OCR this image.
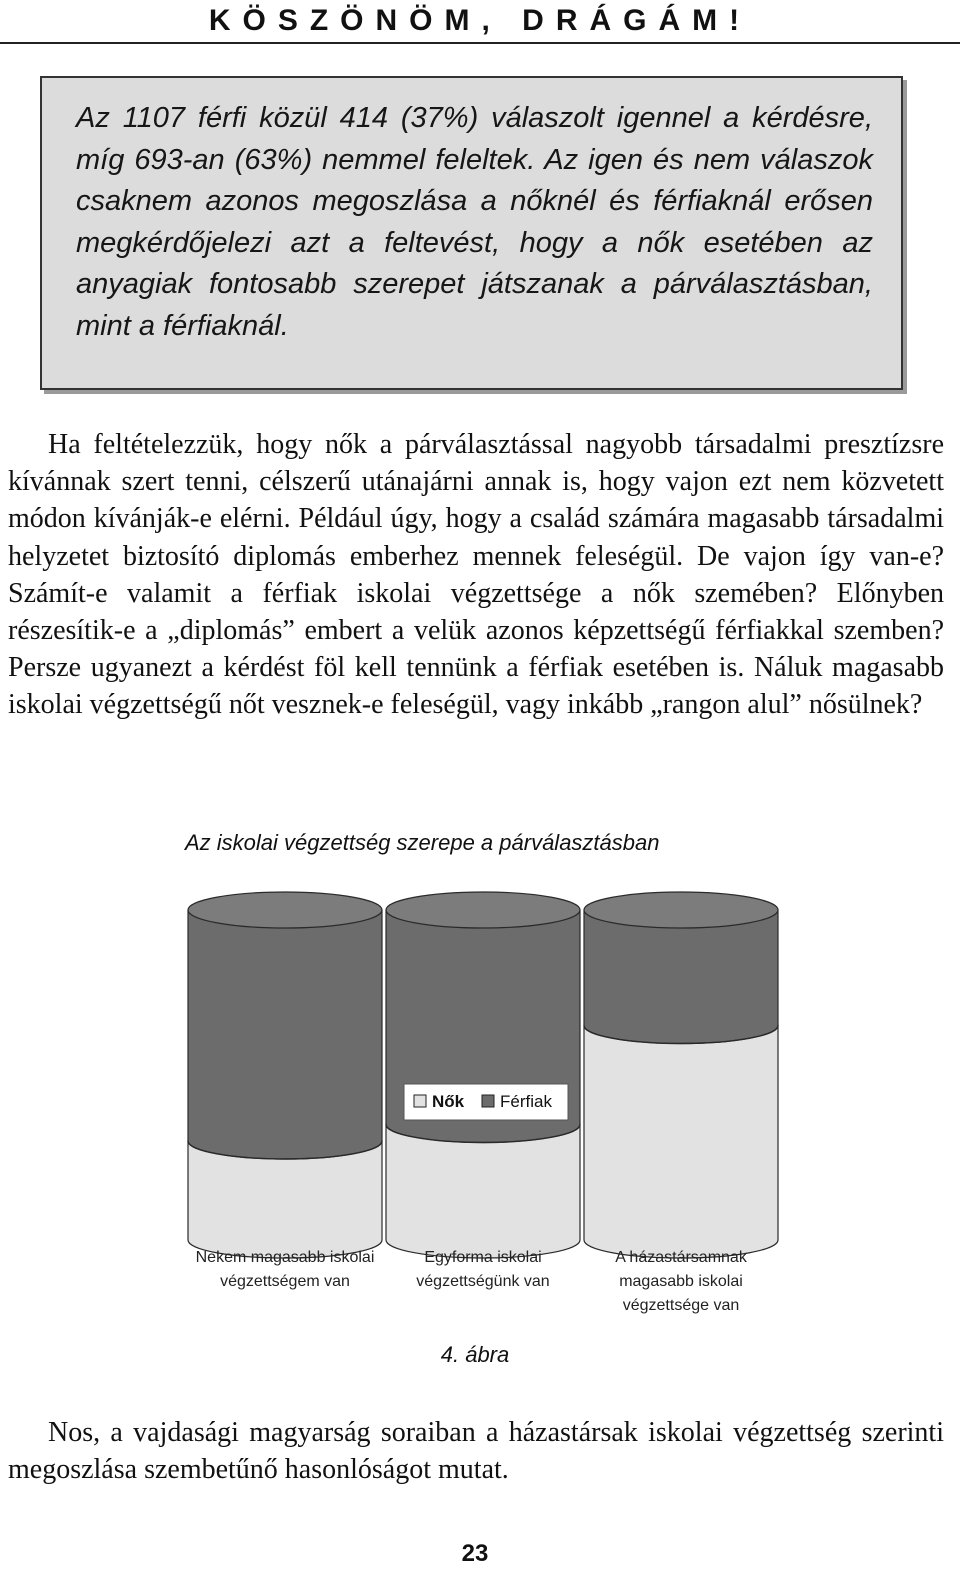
KÖSZÖNÖM, DRÁGÁM!

Az 1107 férfi közül 414 (37%) válaszolt igennel a kérdésre, míg 693-an (63%) nemmel feleltek. Az igen és nem válaszok csaknem azonos megoszlása a nőknél és férfiaknál erősen megkérdőjelezi azt a feltevést, hogy a nők esetében az anyagiak fontosabb szerepet játszanak a párválasztásban, mint a férfiaknál.

Ha feltételezzük, hogy nők a párválasztással nagyobb társadalmi presztízsre kívánnak szert tenni, célszerű utánajárni annak is, hogy vajon ezt nem közvetett módon kívánják-e elérni. Például úgy, hogy a család számára magasabb társadalmi helyzetet biztosító diplomás emberhez mennek feleségül. De vajon így van-e? Számít-e valamit a férfiak iskolai végzettsége a nők szemében? Előnyben részesítik-e a „diplomás” embert a velük azonos képzettségű férfiakkal szemben? Persze ugyanezt a kérdést föl kell tennünk a férfiak esetében is. Náluk magasabb iskolai végzettségű nőt vesznek-e feleségül, vagy inkább „rangon alul” nősülnek?

Az iskolai végzettség szerepe a párválasztásban
Nekem magasabb iskolai végzettségem van
Egyforma iskolai végzettségünk van
A házastársamnak magasabb iskolai végzettsége van
Nők Férfiak
4. ábra

Nos, a vajdasági magyarság soraiban a házastársak iskolai végzettség szerinti megoszlása szembetűnő hasonlóságot mutat.

23
